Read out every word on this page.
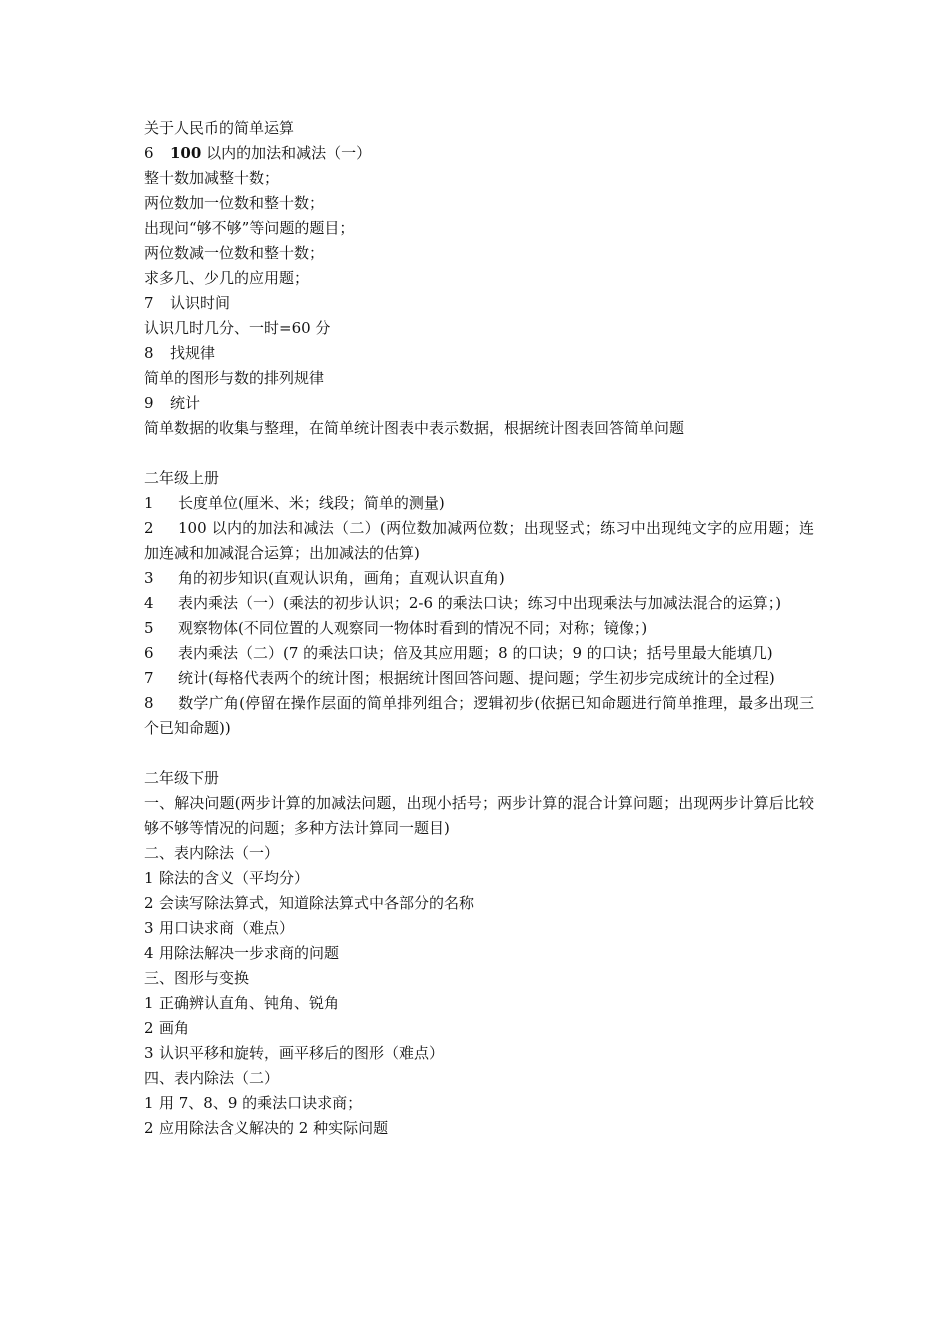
关于人民币的简单运算
6 100 以内的加法和减法（一）
整十数加减整十数；
两位数加一位数和整十数；
出现问“够不够”等问题的题目；
两位数减一位数和整十数；
求多几、少几的应用题；
7 认识时间
认识几时几分、一时=60 分
8 找规律
简单的图形与数的排列规律
9 统计
简单数据的收集与整理，在简单统计图表中表示数据，根据统计图表回答简单问题
二年级上册
1 长度单位(厘米、米；线段；简单的测量)
2 100 以内的加法和减法（二）(两位数加减两位数；出现竖式；练习中出现纯文字的应用题；连加连减和加减混合运算；出加减法的估算)
3 角的初步知识(直观认识角，画角；直观认识直角)
4 表内乘法（一）(乘法的初步认识；2-6 的乘法口诀；练习中出现乘法与加减法混合的运算；)
5 观察物体(不同位置的人观察同一物体时看到的情况不同；对称；镜像；)
6 表内乘法（二）(7 的乘法口诀；倍及其应用题；8 的口诀；9 的口诀；括号里最大能填几)
7 统计(每格代表两个的统计图；根据统计图回答问题、提问题；学生初步完成统计的全过程)
8 数学广角(停留在操作层面的简单排列组合；逻辑初步(依据已知命题进行简单推理，最多出现三个已知命题))
二年级下册
一、解决问题(两步计算的加减法问题，出现小括号；两步计算的混合计算问题；出现两步计算后比较够不够等情况的问题；多种方法计算同一题目)
二、表内除法（一）
1 除法的含义（平均分）
2 会读写除法算式，知道除法算式中各部分的名称
3 用口诀求商（难点）
4 用除法解决一步求商的问题
三、图形与变换
1 正确辨认直角、钝角、锐角
2 画角
3 认识平移和旋转，画平移后的图形（难点）
四、表内除法（二）
1 用 7、8、9 的乘法口诀求商；
2 应用除法含义解决的 2 种实际问题
